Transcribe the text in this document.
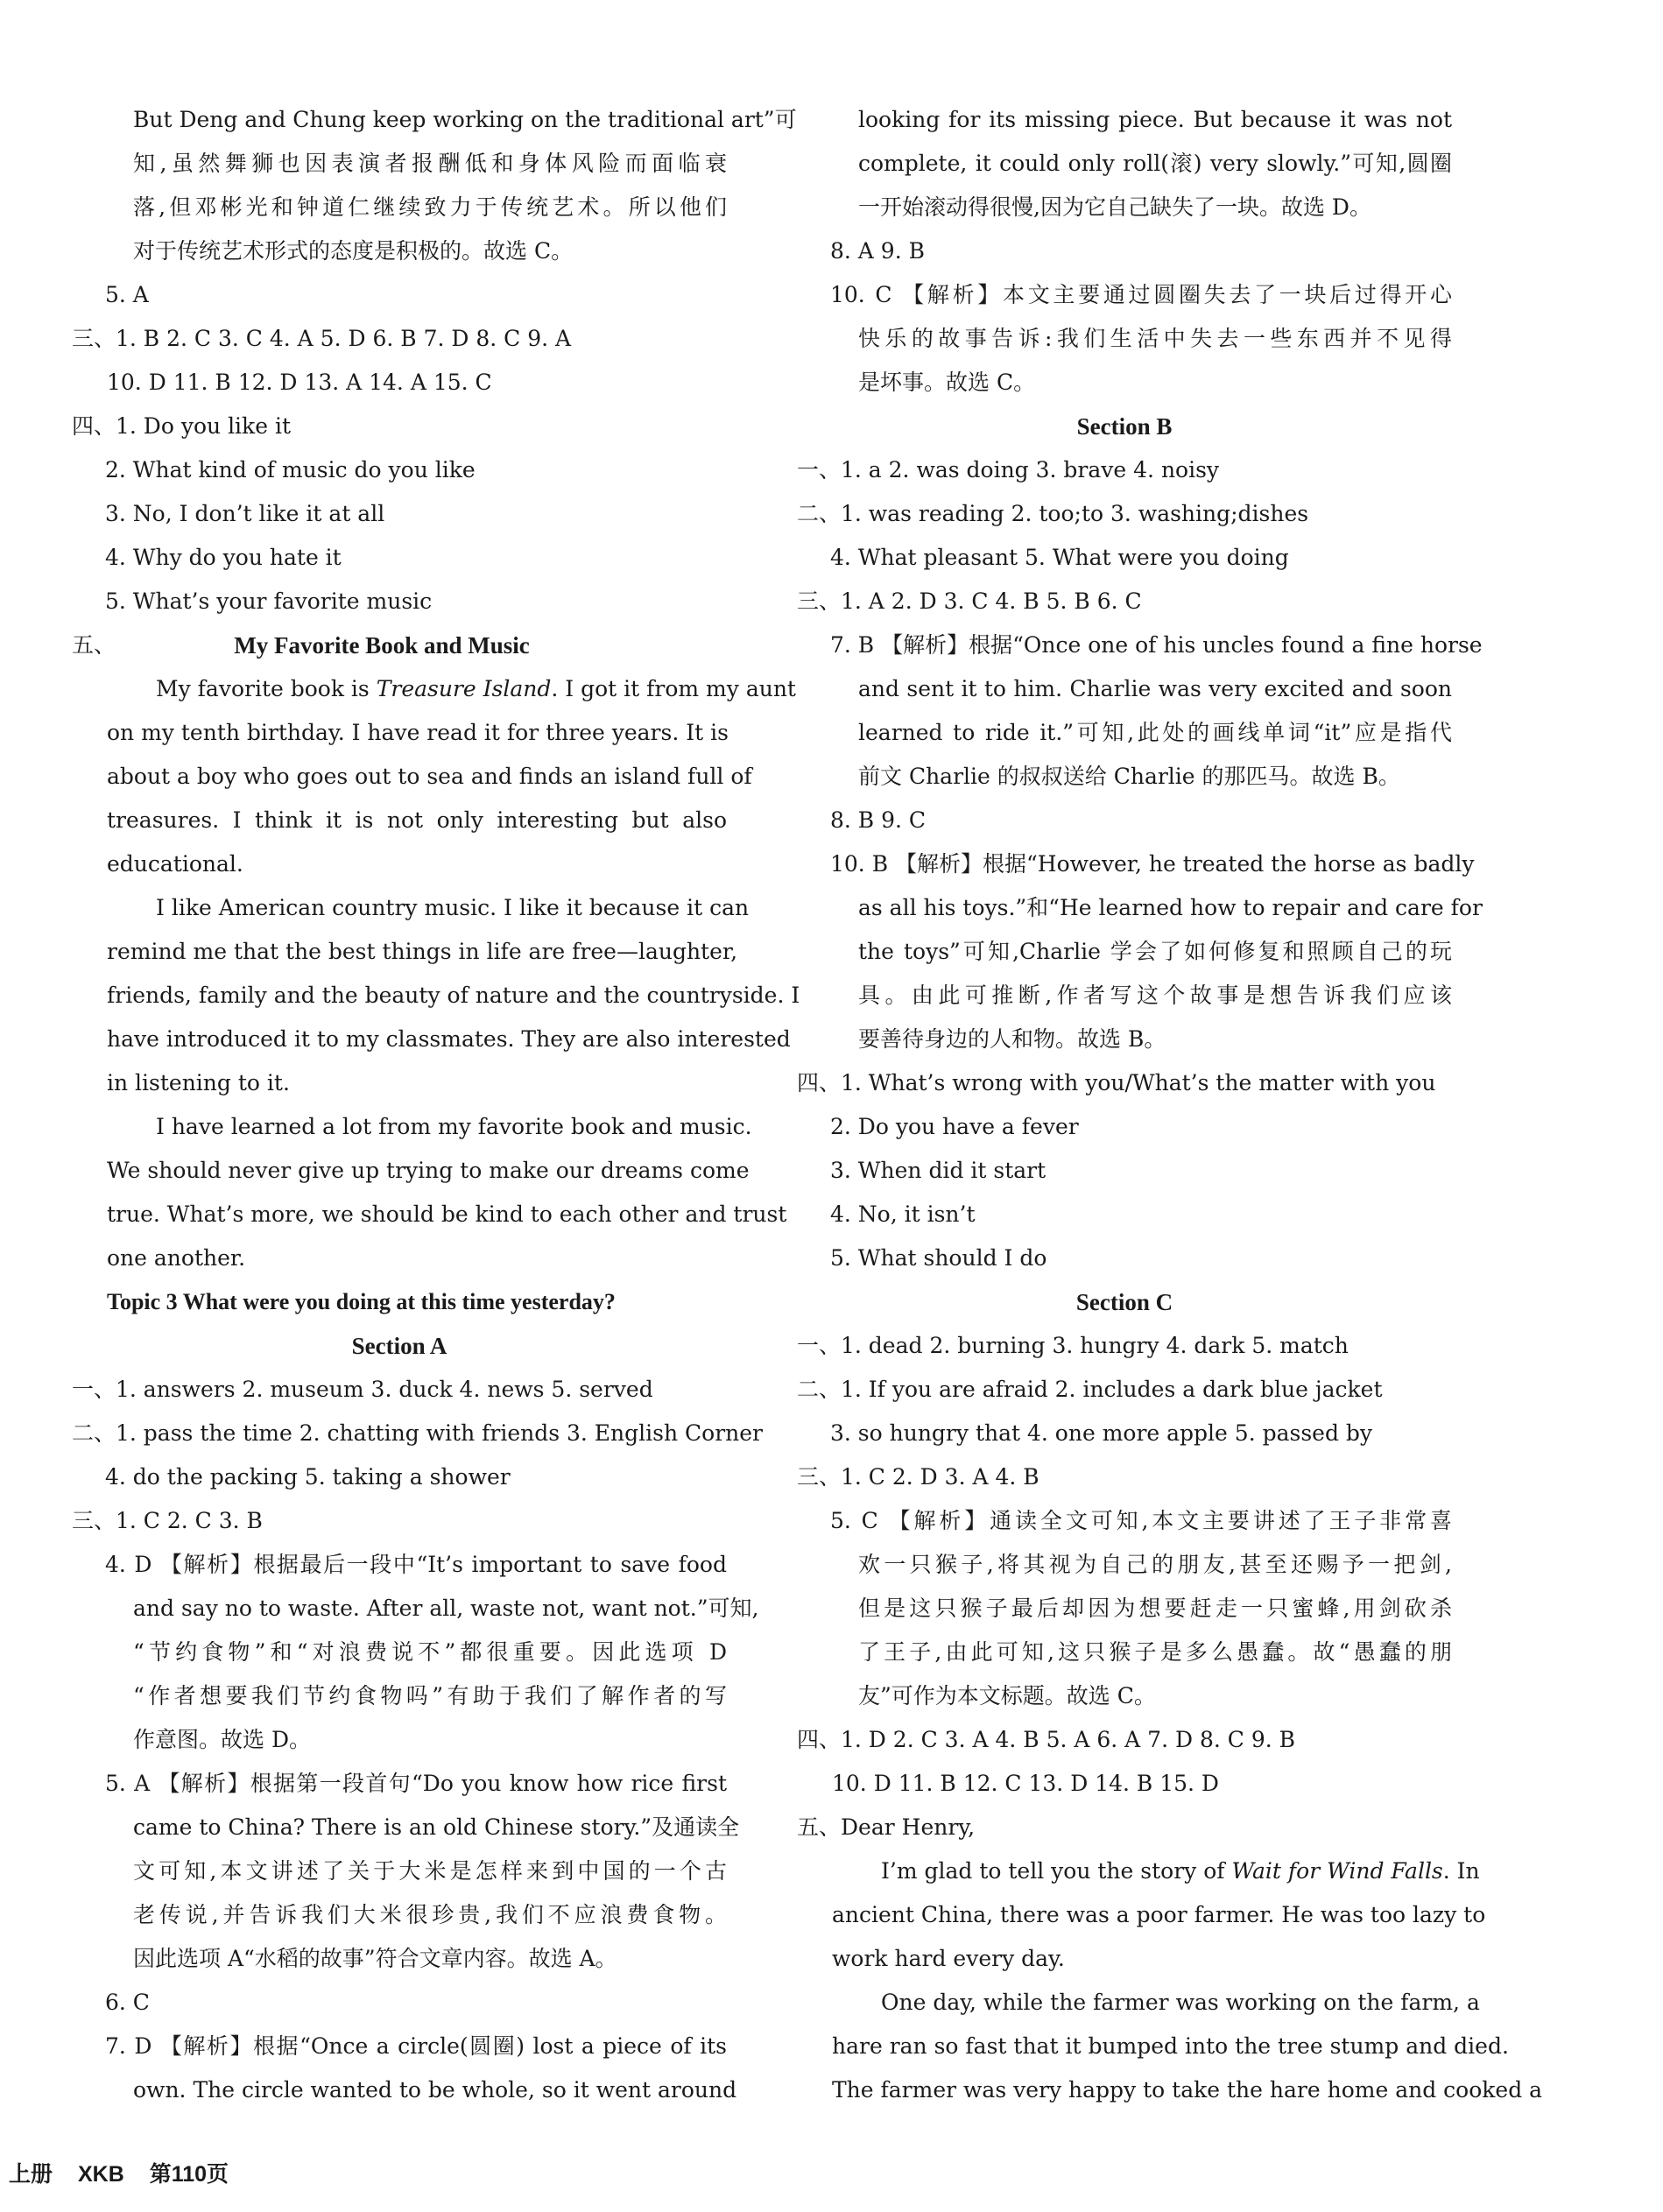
But Deng and Chung keep working on the traditional art”可
知,虽然舞狮也因表演者报酬低和身体风险而面临衰
落,但邓彬光和钟道仁继续致力于传统艺术。所以他们
对于传统艺术形式的态度是积极的。故选 C。
5. A
三、1. B 2. C 3. C 4. A 5. D 6. B 7. D 8. C 9. A
10. D 11. B 12. D 13. A 14. A 15. C
四、1. Do you like it
2. What kind of music do you like
3. No, I don’t like it at all
4. Why do you hate it
5. What’s your favorite music
五、	My Favorite Book and Music
My favorite book is Treasure Island. I got it from my aunt
on my tenth birthday. I have read it for three years. It is
about a boy who goes out to sea and finds an island full of
treasures. I think it is not only interesting but also
educational.
I like American country music. I like it because it can
remind me that the best things in life are free—laughter,
friends, family and the beauty of nature and the countryside. I
have introduced it to my classmates. They are also interested
in listening to it.
I have learned a lot from my favorite book and music.
We should never give up trying to make our dreams come
true. What’s more, we should be kind to each other and trust
one another.
Topic 3 What were you doing at this time yesterday?
Section A
一、1. answers 2. museum 3. duck 4. news 5. served
二、1. pass the time 2. chatting with friends 3. English Corner
4. do the packing 5. taking a shower
三、1. C 2. C 3. B
4. D 【解析】根据最后一段中“It’s important to save food
and say no to waste. After all, waste not, want not.”可知,
“节约食物”和“对浪费说不”都很重要。因此选项 D
“作者想要我们节约食物吗”有助于我们了解作者的写
作意图。故选 D。
5. A 【解析】根据第一段首句“Do you know how rice first
came to China? There is an old Chinese story.”及通读全
文可知,本文讲述了关于大米是怎样来到中国的一个古
老传说,并告诉我们大米很珍贵,我们不应浪费食物。
因此选项 A“水稻的故事”符合文章内容。故选 A。
6. C
7. D 【解析】根据“Once a circle(圆圈) lost a piece of its
own. The circle wanted to be whole, so it went around
looking for its missing piece. But because it was not
complete, it could only roll(滚) very slowly.”可知,圆圈
一开始滚动得很慢,因为它自己缺失了一块。故选 D。
8. A 9. B
10. C 【解析】本文主要通过圆圈失去了一块后过得开心
快乐的故事告诉:我们生活中失去一些东西并不见得
是坏事。故选 C。
Section B
一、1. a 2. was doing 3. brave 4. noisy
二、1. was reading 2. too;to 3. washing;dishes
4. What pleasant 5. What were you doing
三、1. A 2. D 3. C 4. B 5. B 6. C
7. B 【解析】根据“Once one of his uncles found a fine horse
and sent it to him. Charlie was very excited and soon
learned to ride it.”可知,此处的画线单词“it”应是指代
前文 Charlie 的叔叔送给 Charlie 的那匹马。故选 B。
8. B 9. C
10. B 【解析】根据“However, he treated the horse as badly
as all his toys.”和“He learned how to repair and care for
the toys”可知,Charlie 学会了如何修复和照顾自己的玩
具。由此可推断,作者写这个故事是想告诉我们应该
要善待身边的人和物。故选 B。
四、1. What’s wrong with you/What’s the matter with you
2. Do you have a fever
3. When did it start
4. No, it isn’t
5. What should I do
Section C
一、1. dead 2. burning 3. hungry 4. dark 5. match
二、1. If you are afraid 2. includes a dark blue jacket
3. so hungry that 4. one more apple 5. passed by
三、1. C 2. D 3. A 4. B
5. C 【解析】通读全文可知,本文主要讲述了王子非常喜
欢一只猴子,将其视为自己的朋友,甚至还赐予一把剑,
但是这只猴子最后却因为想要赶走一只蜜蜂,用剑砍杀
了王子,由此可知,这只猴子是多么愚蠢。故“愚蠢的朋
友”可作为本文标题。故选 C。
四、1. D 2. C 3. A 4. B 5. A 6. A 7. D 8. C 9. B
10. D 11. B 12. C 13. D 14. B 15. D
五、Dear Henry,
I’m glad to tell you the story of Wait for Wind Falls. In
ancient China, there was a poor farmer. He was too lazy to
work hard every day.
One day, while the farmer was working on the farm, a
hare ran so fast that it bumped into the tree stump and died.
The farmer was very happy to take the hare home and cooked a
上册 XKB 第110页
